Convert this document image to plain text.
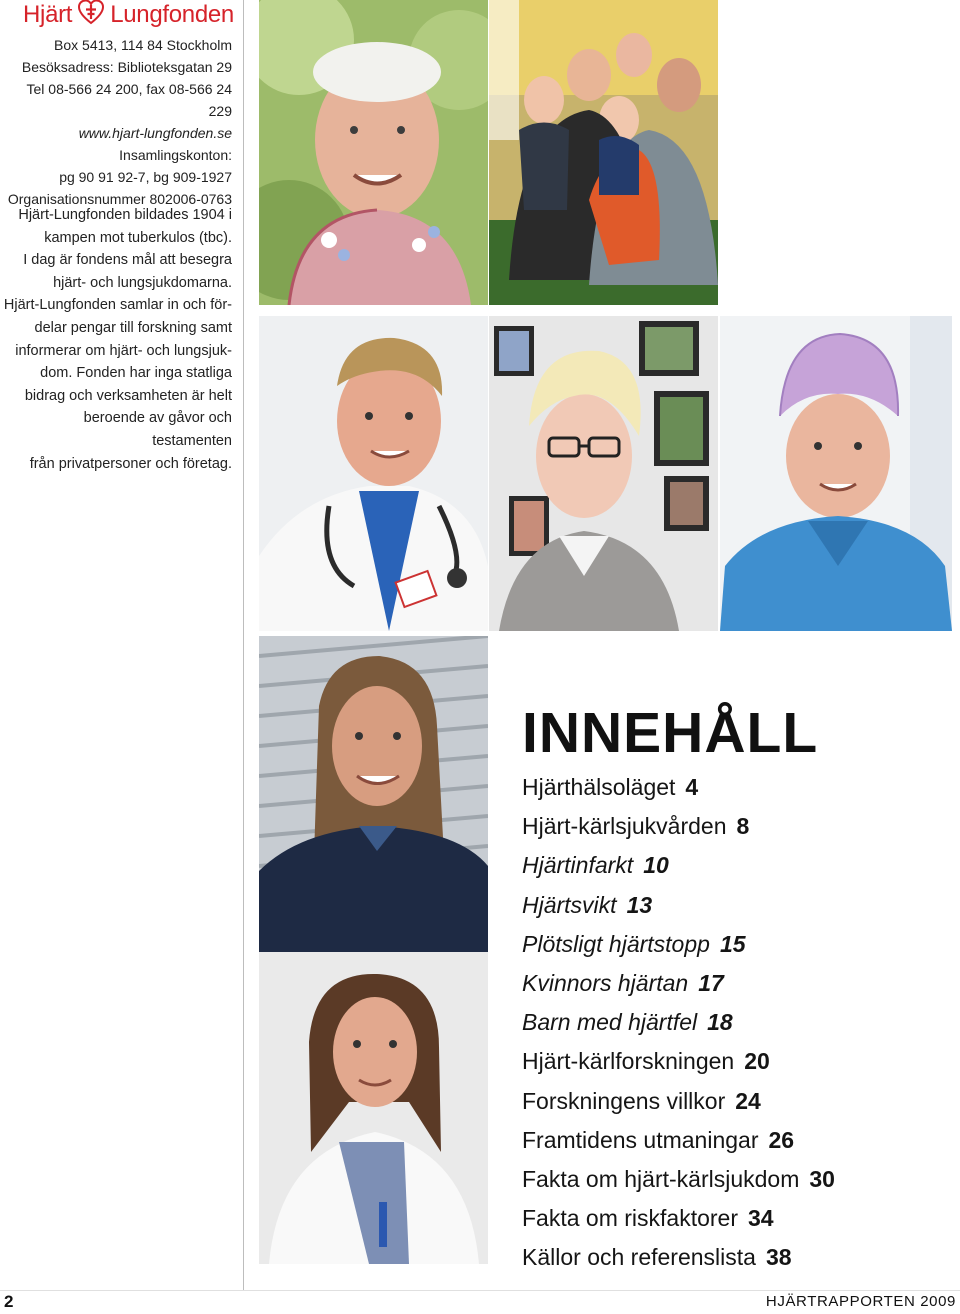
Hjärt Lungfonden
Box 5413, 114 84 Stockholm
Besöksadress: Biblioteksgatan 29
Tel 08-566 24 200, fax 08-566 24 229
www.hjart-lungfonden.se
Insamlingskonton:
pg 90 91 92-7, bg 909-1927
Organisationsnummer 802006-0763
Hjärt-Lungfonden bildades 1904 i
kampen mot tuberkulos (tbc).
I dag är fondens mål att besegra
hjärt- och lungsjukdomarna.
Hjärt-Lungfonden samlar in och för-
delar pengar till forskning samt
informerar om hjärt- och lungsjuk-
dom. Fonden har inga statliga
bidrag och verksamheten är helt
beroende av gåvor och testamenten
från privatpersoner och företag.
INNEHÅLL
Hjärthälsoläget 4
Hjärt-kärlsjukvården 8
Hjärtinfarkt 10
Hjärtsvikt 13
Plötsligt hjärtstopp 15
Kvinnors hjärtan 17
Barn med hjärtfel 18
Hjärt-kärlforskningen 20
Forskningens villkor 24
Framtidens utmaningar 26
Fakta om hjärt-kärlsjukdom 30
Fakta om riskfaktorer 34
Källor och referenslista 38
2	HJÄRTRAPPORTEN 2009
